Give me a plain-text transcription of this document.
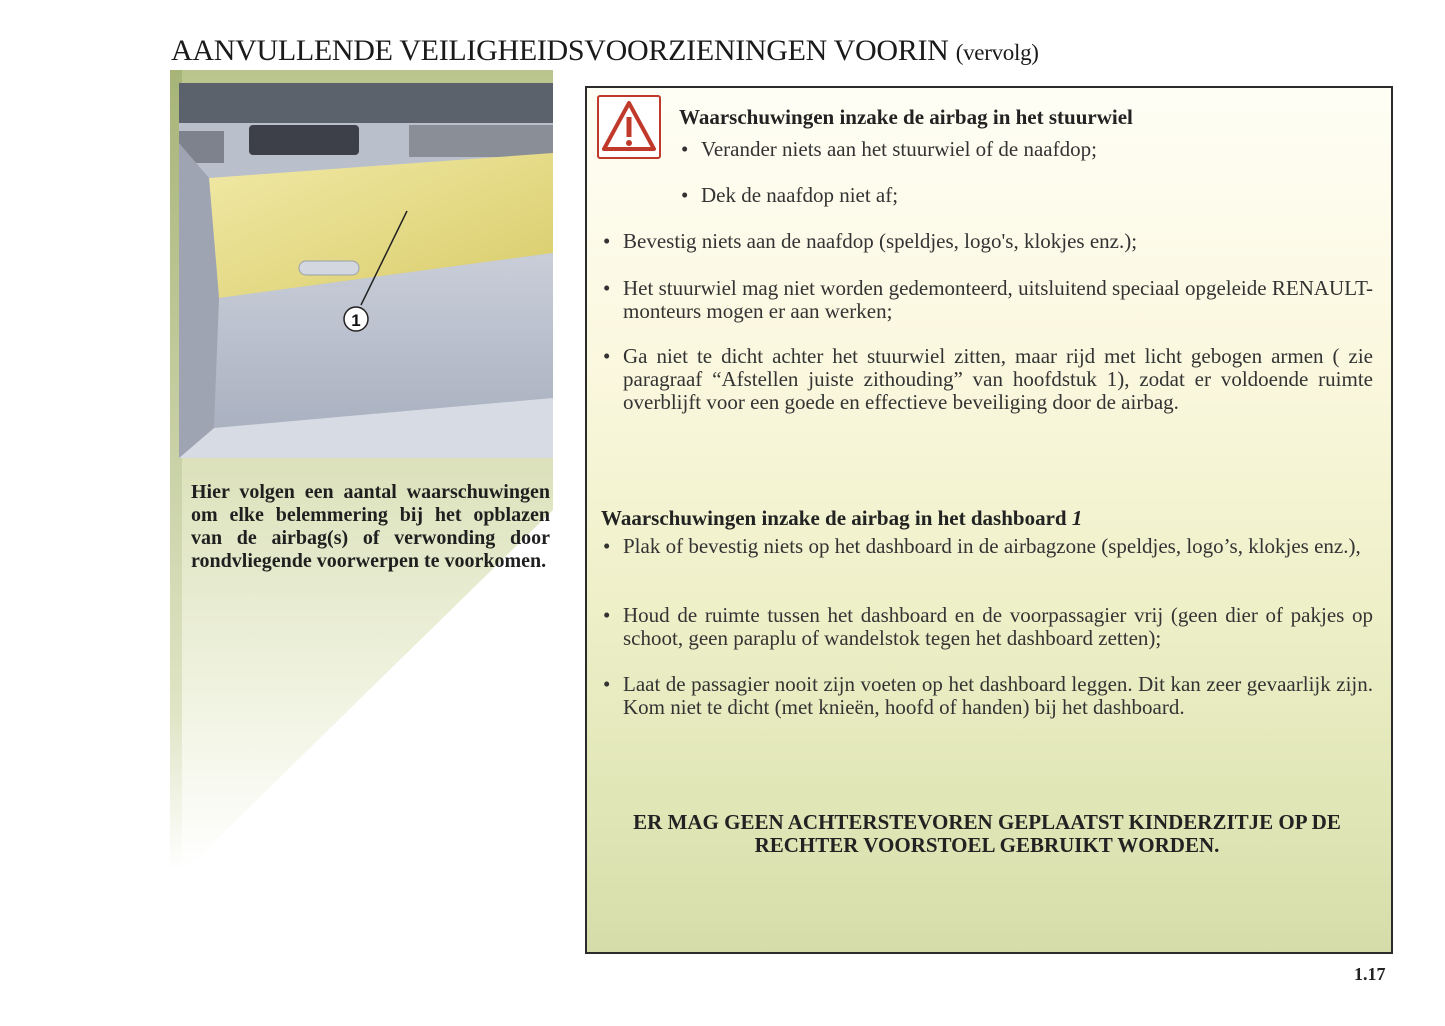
AANVULLENDE VEILIGHEIDSVOORZIENINGEN VOORIN (vervolg)
1

Hier volgen een aantal waarschuwingen om elke belemmering bij het opblazen van de airbag(s) of verwonding door rondvliegende voorwerpen te voorkomen.

Waarschuwingen inzake de airbag in het stuurwiel

• Verander niets aan het stuurwiel of de naafdop;

• Dek de naafdop niet af;

• Bevestig niets aan de naafdop (speldjes, logo's, klokjes enz.);

• Het stuurwiel mag niet worden gedemonteerd, uitsluitend speciaal opgeleide RENAULT-monteurs mogen er aan werken;

• Ga niet te dicht achter het stuurwiel zitten, maar rijd met licht gebogen armen ( zie paragraaf “Afstellen juiste zithouding” van hoofdstuk 1), zodat er voldoende ruimte overblijft voor een goede en effectieve beveiliging door de airbag.

Waarschuwingen inzake de airbag in het dashboard 1

• Plak of bevestig niets op het dashboard in de airbagzone (speldjes, logo’s, klokjes enz.),

• Houd de ruimte tussen het dashboard en de voorpassagier vrij (geen dier of pakjes op schoot, geen paraplu of wandelstok tegen het dashboard zetten);

• Laat de passagier nooit zijn voeten op het dashboard leggen. Dit kan zeer gevaarlijk zijn. Kom niet te dicht (met knieën, hoofd of handen) bij het dashboard.

ER MAG GEEN ACHTERSTEVOREN GEPLAATST KINDERZITJE OP DE RECHTER VOORSTOEL GEBRUIKT WORDEN.

1.17
